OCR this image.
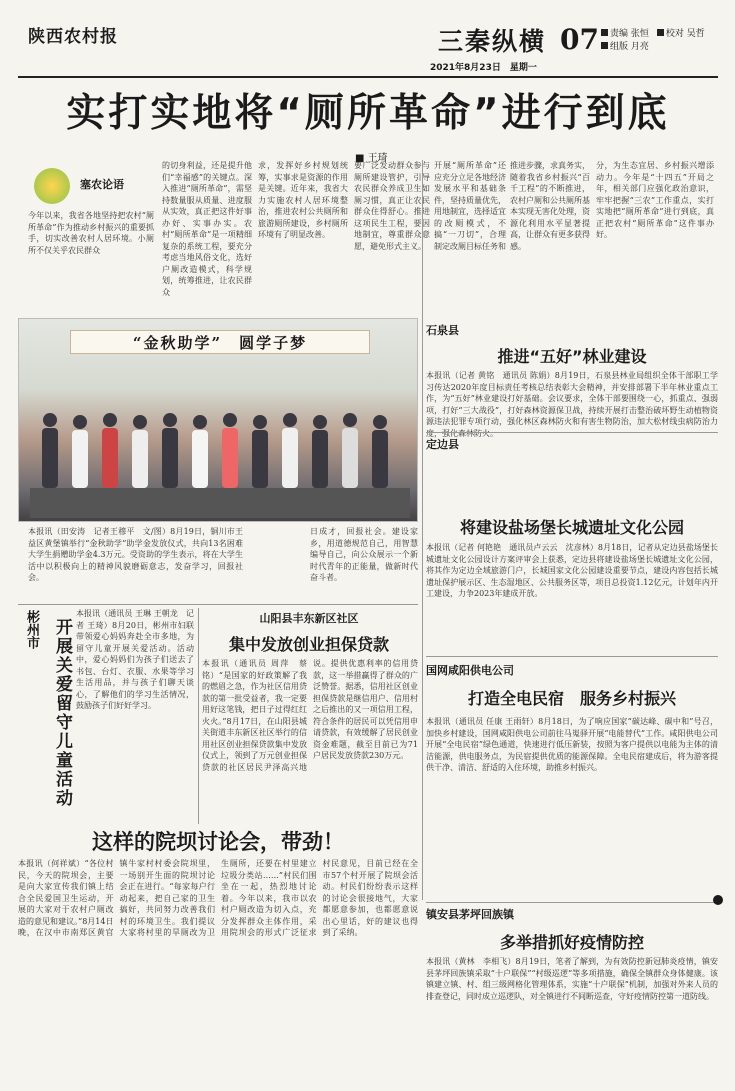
陕西农村报	三秦纵横 07	责编 张恒	校对 吴哲
组版 月亮
2021年8月23日　星期一
实打实地将“厕所革命”进行到底
■ 王琦
塞农论语
今年以来，我省各地坚持把农村“厕所革命”作为推动乡村振兴的重要抓手，切实改善农村人居环境。小厕所不仅关乎农民群众
的切身利益，还是提升他们“幸福感”的关键点。深入推进“厕所革命”，需坚持数量服从质量、进度服从实效，真正把这件好事办好、实事办实。农村“厕所革命”是一项精细复杂的系统工程，要充分考虑当地风俗文化，选好户厕改造模式，科学规划，统筹推进，让农民群众
求，发挥好乡村规划统筹，实事求是资源的作用是关键。近年来，我省大力实施农村人居环境整治，推进农村公共厕所和旅游厕所建设，乡村厕所环境有了明显改善。
要广泛发动群众参与厕所建设管护，引导农民群众养成卫生如厕习惯，真正让农民群众住得舒心。推进这项民生工程，要因地制宜，尊重群众意愿，避免形式主义。
开展“厕所革命”还应充分立足各地经济发展水平和基础条件，坚持质量优先，用地制宜，选择适宜的改厕模式，不搞“一刀切”，合理制定改厕目标任务和
推进步骤，求真务实，随着我省乡村振兴“百千工程”的不断推进，农村户厕和公共厕所基本实现无害化处理，资源化利用水平显著提高，让群众有更多获得感。
分，为生态宜居、乡村振兴增添动力。今年是“十四五”开局之年，相关部门应强化政治意识，牢牢把握“三农”工作重点，实打实地把“厕所革命”进行到底，真正把农村“厕所革命”这件事办好。
“金秋助学”　圆学子梦
本报讯（田安涛　记者王穆平　文/图）8月19日，铜川市王益区黄堡镇举行“金秋助学”助学金发放仪式，共向13名困难大学生捐赠助学金4.3万元。受资助的学生表示，将在大学生活中以积极向上的精神风貌磨砺意志，发奋学习，回报社会。
日成才，回报社会。建设家乡，用道德规范自己，用智慧编导自己，向公众展示一个新时代青年的正能量，做新时代奋斗者。
石泉县
推进“五好”林业建设
本报讯（记者 黄铭　通讯员 陈娟）8月19日，石泉县林业局组织全体干部职工学习传达2020年度目标责任考核总结表彰大会精神，并安排部署下半年林业重点工作，为“五好”林业建设打好基础。会议要求，全体干部要围绕一心，抓重点、强弱项，打好“三大战役”，打好森林资源保卫战，持续开展打击整治破坏野生动植物资源违法犯罪专项行动，强化林区森林防火和有害生物防治，加大松材线虫病防治力度，强化森林防火。
定边县
将建设盐场堡长城遗址文化公园
本报讯（记者 何艳艳　通讯员卢云云　沈彦林）8月18日，记者从定边县盐场堡长城遗址文化公园设计方案评审会上获悉，定边县将建设盐场堡长城遗址文化公园，将其作为定边全域旅游门户，长城国家文化公园建设重要节点，建设内容包括长城遗址保护展示区、生态湿地区、公共服务区等，项目总投资1.12亿元，计划年内开工建设，力争2023年建成开放。
国网咸阳供电公司
打造全电民宿　服务乡村振兴
本报讯（通讯员 任康 王雨轩）8月18日，为了响应国家“碳达峰、碳中和”号召，加快乡村建设，国网咸阳供电公司前往马嵬驿开展“电能替代”工作。咸阳供电公司开展“全电民宿”绿色通道，快速进行低压新装，按照为客户提供以电能为主体的清洁能源，供电服务点，为民宿提供优质的能源保障。全电民宿建成后，将为游客提供干净、清洁、舒适的入住环境，助推乡村振兴。
彬州市 开展关爱留守儿童活动
本报讯（通讯员 王琳 王朝龙　记者 王琦）8月20日，彬州市妇联带领爱心妈妈奔赴全市多地，为留守儿童开展关爱活动。活动中，爱心妈妈们为孩子们送去了书包、台灯、衣服、水果等学习生活用品，并与孩子们聊天谈心，了解他们的学习生活情况，鼓励孩子们好好学习。
山阳县丰东新区社区
集中发放创业担保贷款
本报讯（通讯员 周萍　蔡铭）“是国家的好政策解了我的燃眉之急，作为社区信用贷款的第一批受益者，我一定要用好这笔钱，把日子过得红红火火。”8月17日，在山阳县城关街道丰东新区社区举行的信用社区创业担保贷款集中发放仪式上，领到了万元创业担保贷款的社区居民尹泽高兴地说。提供优惠利率的信用贷款，这一举措赢得了群众的广泛赞誉。据悉，信用社区创业担保贷款是继信用户、信用村之后推出的又一项信用工程，符合条件的居民可以凭信用申请贷款，有效缓解了居民创业资金难题，截至目前已为71户居民发放贷款230万元。
这样的院坝讨论会，带劲！
本报讯（何祥斌）“各位村民，今天的院坝会，主要是向大家宣传我们镇上结合全民爱国卫生运动，开展的大家对于农村户厕改造的意见和建议。”8月14日晚，在汉中市南郑区黄官镇牛家村村委会院坝里，一场别开生面的院坝讨论会正在进行。“每家每户行动起来，把自己家的卫生搞好，共同努力改善我们村的环境卫生。我们提议大家将村里的旱厕改为卫生厕所，还要在村里建立垃圾分类站……”村民们围坐在一起，热烈地讨论着。今年以来，我市以农村户厕改造为切入点，充分发挥群众主体作用，采用院坝会的形式广泛征求村民意见，目前已经在全市57个村开展了院坝会活动。村民们纷纷表示这样的讨论会很接地气，大家都愿意参加，也都愿意说出心里话，好的建议也得到了采纳。
镇安县茅坪回族镇
多举措抓好疫情防控
本报讯（黄林　李相飞）8月19日，笔者了解到，为有效防控新冠肺炎疫情，镇安县茅坪回族镇采取“十户联保”“村级巡逻”等多项措施，确保全镇群众身体健康。该镇建立镇、村、组三级网格化管理体系，实施“十户联保”机制，加强对外来人员的排查登记，同时成立巡逻队，对全镇进行不间断巡查，守好疫情防控第一道防线。
